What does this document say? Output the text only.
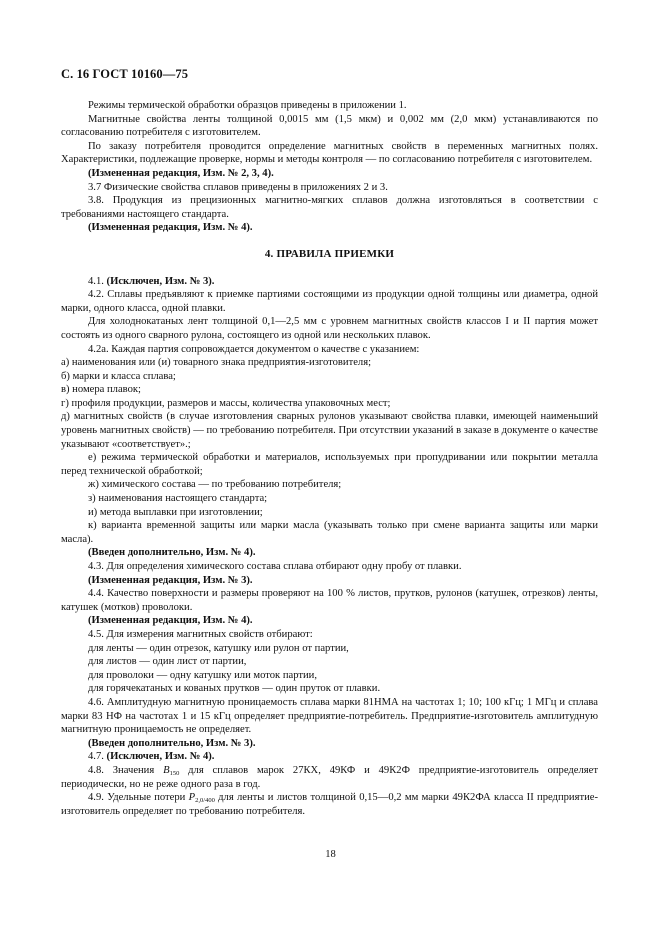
С. 16 ГОСТ 10160—75

Режимы термической обработки образцов приведены в приложении 1.

Магнитные свойства ленты толщиной 0,0015 мм (1,5 мкм) и 0,002 мм (2,0 мкм) устанавливаются по согласованию потребителя с изготовителем.

По заказу потребителя проводится определение магнитных свойств в переменных магнитных полях. Характеристики, подлежащие проверке, нормы и методы контроля — по согласованию потребителя с изготовителем.

(Измененная редакция, Изм. № 2, 3, 4).

3.7 Физические свойства сплавов приведены в приложениях 2 и 3.

3.8. Продукция из прецизионных магнитно-мягких сплавов должна изготовляться в соответствии с требованиями настоящего стандарта.

(Измененная редакция, Изм. № 4).

4. ПРАВИЛА ПРИЕМКИ

4.1. (Исключен, Изм. № 3).

4.2. Сплавы предъявляют к приемке партиями состоящими из продукции одной толщины или диаметра, одной марки, одного класса, одной плавки.

Для холоднокатаных лент толщиной 0,1—2,5 мм с уровнем магнитных свойств классов I и II партия может состоять из одного сварного рулона, состоящего из одной или нескольких плавок.

4.2а. Каждая партия сопровождается документом о качестве с указанием:

а) наименования или (и) товарного знака предприятия-изготовителя;

б) марки и класса сплава;

в) номера плавок;

г) профиля продукции, размеров и массы, количества упаковочных мест;

д) магнитных свойств (в случае изготовления сварных рулонов указывают свойства плавки, имеющей наименьший уровень магнитных свойств) — по требованию потребителя. При отсутствии указаний в заказе в документе о качестве указывают «соответствует».;

е) режима термической обработки и материалов, используемых при пропудривании или покрытии металла перед технической обработкой;

ж) химического состава — по требованию потребителя;

з) наименования настоящего стандарта;

и) метода выплавки при изготовлении;

к) варианта временной защиты или марки масла (указывать только при смене варианта защиты или марки масла).

(Введен дополнительно, Изм. № 4).

4.3. Для определения химического состава сплава отбирают одну пробу от плавки.

(Измененная редакция, Изм. № 3).

4.4. Качество поверхности и размеры проверяют на 100 % листов, прутков, рулонов (катушек, отрезков) ленты, катушек (мотков) проволоки.

(Измененная редакция, Изм. № 4).

4.5. Для измерения магнитных свойств отбирают:

для ленты — один отрезок, катушку или рулон от партии,

для листов — один лист от партии,

для проволоки — одну катушку или моток партии,

для горячекатаных и кованых прутков — один пруток от плавки.

4.6. Амплитудную магнитную проницаемость сплава марки 81НМА на частотах 1; 10; 100 кГц; 1 МГц и сплава марки 83 НФ на частотах 1 и 15 кГц определяет предприятие-потребитель. Предприятие-изготовитель амплитудную магнитную проницаемость не определяет.

(Введен дополнительно, Изм. № 3).

4.7. (Исключен, Изм. № 4).

4.8. Значения $B_{150}$ для сплавов марок 27КХ, 49КФ и 49К2Ф предприятие-изготовитель определяет периодически, но не реже одного раза в год.

4.9. Удельные потери $P_{2,0/400}$ для ленты и листов толщиной 0,15—0,2 мм марки 49К2ФА класса II предприятие-изготовитель определяет по требованию потребителя.

18
